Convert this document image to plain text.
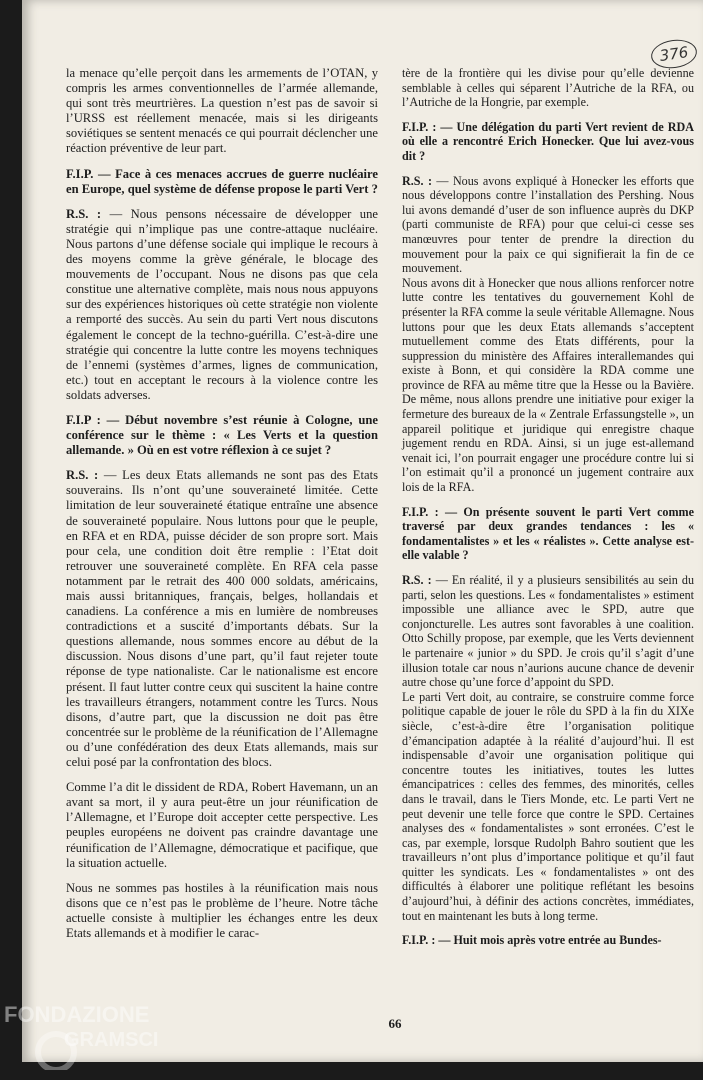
376

la menace qu’elle perçoit dans les armements de l’OTAN, y compris les armes conventionnelles de l’armée allemande, qui sont très meurtrières. La question n’est pas de savoir si l’URSS est réellement menacée, mais si les dirigeants soviétiques se sentent menacés ce qui pourrait déclencher une réaction préventive de leur part.

F.I.P. — Face à ces menaces accrues de guerre nucléaire en Europe, quel système de défense propose le parti Vert ?

R.S. : — Nous pensons nécessaire de développer une stratégie qui n’implique pas une contre-attaque nucléaire. Nous partons d’une défense sociale qui implique le recours à des moyens comme la grève générale, le blocage des mouvements de l’occupant. Nous ne disons pas que cela constitue une alternative complète, mais nous nous appuyons sur des expériences historiques où cette stratégie non violente a remporté des succès. Au sein du parti Vert nous discutons également le concept de la techno-guérilla. C’est-à-dire une stratégie qui concentre la lutte contre les moyens techniques de l’ennemi (systèmes d’armes, lignes de communication, etc.) tout en acceptant le recours à la violence contre les soldats adverses.

F.I.P : — Début novembre s’est réunie à Cologne, une conférence sur le thème : « Les Verts et la question allemande. » Où en est votre réflexion à ce sujet ?

R.S. : — Les deux Etats allemands ne sont pas des Etats souverains. Ils n’ont qu’une souveraineté limitée. Cette limitation de leur souveraineté étatique entraîne une absence de souveraineté populaire. Nous luttons pour que le peuple, en RFA et en RDA, puisse décider de son propre sort. Mais pour cela, une condition doit être remplie : l’Etat doit retrouver une souveraineté complète. En RFA cela passe notamment par le retrait des 400 000 soldats, américains, mais aussi britanniques, français, belges, hollandais et canadiens. La conférence a mis en lumière de nombreuses contradictions et a suscité d’importants débats. Sur la questions allemande, nous sommes encore au début de la discussion. Nous disons d’une part, qu’il faut rejeter toute réponse de type nationaliste. Car le nationalisme est encore présent. Il faut lutter contre ceux qui suscitent la haine contre les travailleurs étrangers, notamment contre les Turcs. Nous disons, d’autre part, que la discussion ne doit pas être concentrée sur le problème de la réunification de l’Allemagne ou d’une confédération des deux Etats allemands, mais sur celui posé par la confrontation des blocs.

Comme l’a dit le dissident de RDA, Robert Havemann, un an avant sa mort, il y aura peut-être un jour réunification de l’Allemagne, et l’Europe doit accepter cette perspective. Les peuples européens ne doivent pas craindre davantage une réunification de l’Allemagne, démocratique et pacifique, que la situation actuelle.

Nous ne sommes pas hostiles à la réunification mais nous disons que ce n’est pas le problème de l’heure. Notre tâche actuelle consiste à multiplier les échanges entre les deux Etats allemands et à modifier le carac-

tère de la frontière qui les divise pour qu’elle devienne semblable à celles qui séparent l’Autriche de la RFA, ou l’Autriche de la Hongrie, par exemple.

F.I.P. : — Une délégation du parti Vert revient de RDA où elle a rencontré Erich Honecker. Que lui avez-vous dit ?

R.S. : — Nous avons expliqué à Honecker les efforts que nous développons contre l’installation des Pershing. Nous lui avons demandé d’user de son influence auprès du DKP (parti communiste de RFA) pour que celui-ci cesse ses manœuvres pour tenter de prendre la direction du mouvement pour la paix ce qui signifierait la fin de ce mouvement.

Nous avons dit à Honecker que nous allions renforcer notre lutte contre les tentatives du gouvernement Kohl de présenter la RFA comme la seule véritable Allemagne. Nous luttons pour que les deux Etats allemands s’acceptent mutuellement comme des Etats différents, pour la suppression du ministère des Affaires interallemandes qui existe à Bonn, et qui considère la RDA comme une province de RFA au même titre que la Hesse ou la Bavière. De même, nous allons prendre une initiative pour exiger la fermeture des bureaux de la « Zentrale Erfassungstelle », un appareil politique et juridique qui enregistre chaque jugement rendu en RDA. Ainsi, si un juge est-allemand venait ici, l’on pourrait engager une procédure contre lui si l’on estimait qu’il a prononcé un jugement contraire aux lois de la RFA.

F.I.P. : — On présente souvent le parti Vert comme traversé par deux grandes tendances : les « fondamentalistes » et les « réalistes ». Cette analyse est-elle valable ?

R.S. : — En réalité, il y a plusieurs sensibilités au sein du parti, selon les questions. Les « fondamentalistes » estiment impossible une alliance avec le SPD, autre que conjoncturelle. Les autres sont favorables à une coalition. Otto Schilly propose, par exemple, que les Verts deviennent le partenaire « junior » du SPD. Je crois qu’il s’agit d’une illusion totale car nous n’aurions aucune chance de devenir autre chose qu’une force d’appoint du SPD.

Le parti Vert doit, au contraire, se construire comme force politique capable de jouer le rôle du SPD à la fin du XIXe siècle, c’est-à-dire être l’organisation politique d’émancipation adaptée à la réalité d’aujourd’hui. Il est indispensable d’avoir une organisation politique qui concentre toutes les initiatives, toutes les luttes émancipatrices : celles des femmes, des minorités, celles dans le travail, dans le Tiers Monde, etc. Le parti Vert ne peut devenir une telle force que contre le SPD. Certaines analyses des « fondamentalistes » sont erronées. C’est le cas, par exemple, lorsque Rudolph Bahro soutient que les travailleurs n’ont plus d’importance politique et qu’il faut quitter les syndicats. Les « fondamentalistes » ont des difficultés à élaborer une politique reflétant les besoins d’aujourd’hui, à définir des actions concrètes, immédiates, tout en maintenant les buts à long terme.

F.I.P. : — Huit mois après votre entrée au Bundes-

66
FONDAZIONE
GRAMSCI
